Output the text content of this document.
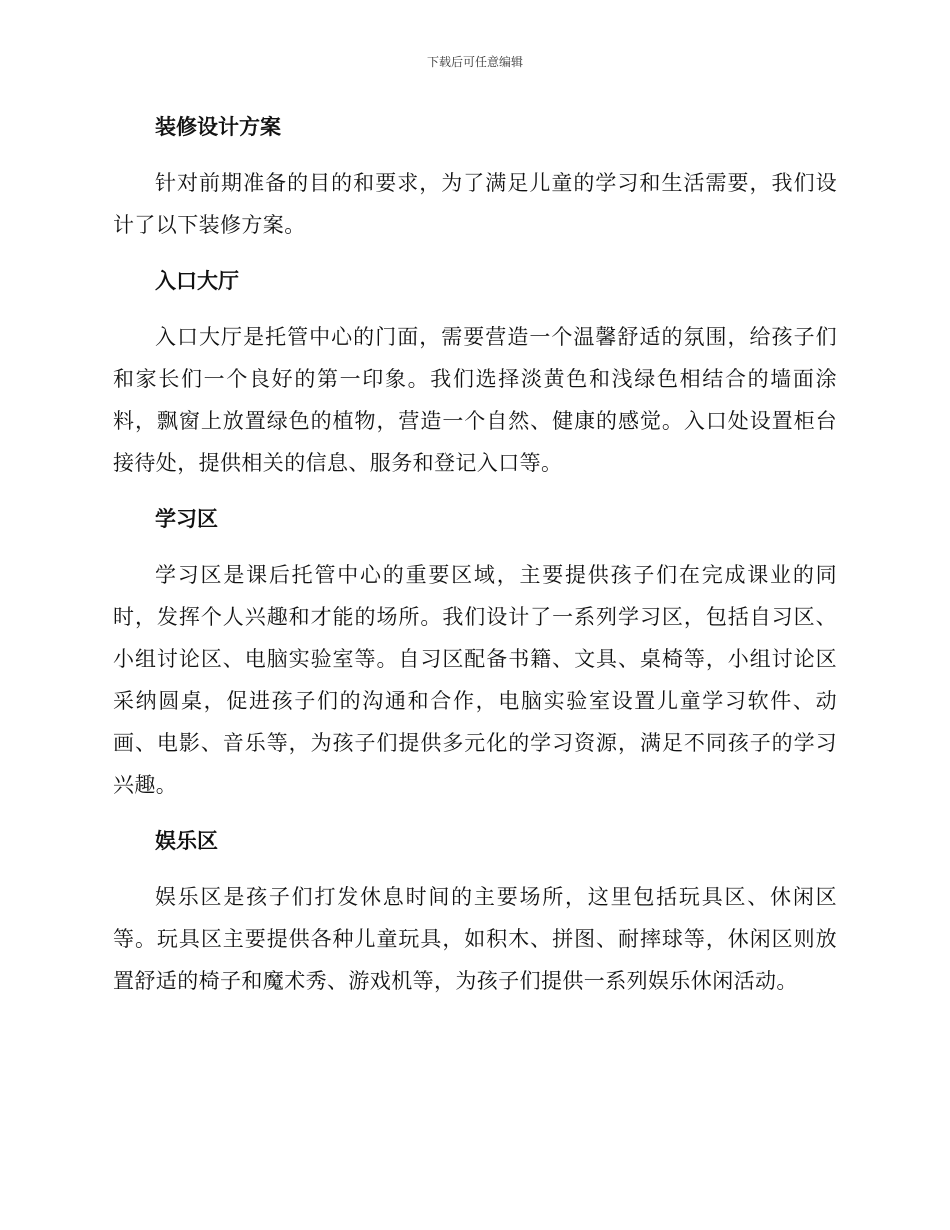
下载后可任意编辑
装修设计方案
针对前期准备的目的和要求，为了满足儿童的学习和生活需要，我们设计了以下装修方案。
入口大厅
入口大厅是托管中心的门面，需要营造一个温馨舒适的氛围，给孩子们和家长们一个良好的第一印象。我们选择淡黄色和浅绿色相结合的墙面涂料，飘窗上放置绿色的植物，营造一个自然、健康的感觉。入口处设置柜台接待处，提供相关的信息、服务和登记入口等。
学习区
学习区是课后托管中心的重要区域，主要提供孩子们在完成课业的同时，发挥个人兴趣和才能的场所。我们设计了一系列学习区，包括自习区、小组讨论区、电脑实验室等。自习区配备书籍、文具、桌椅等，小组讨论区采纳圆桌，促进孩子们的沟通和合作，电脑实验室设置儿童学习软件、动画、电影、音乐等，为孩子们提供多元化的学习资源，满足不同孩子的学习兴趣。
娱乐区
娱乐区是孩子们打发休息时间的主要场所，这里包括玩具区、休闲区等。玩具区主要提供各种儿童玩具，如积木、拼图、耐摔球等，休闲区则放置舒适的椅子和魔术秀、游戏机等，为孩子们提供一系列娱乐休闲活动。
